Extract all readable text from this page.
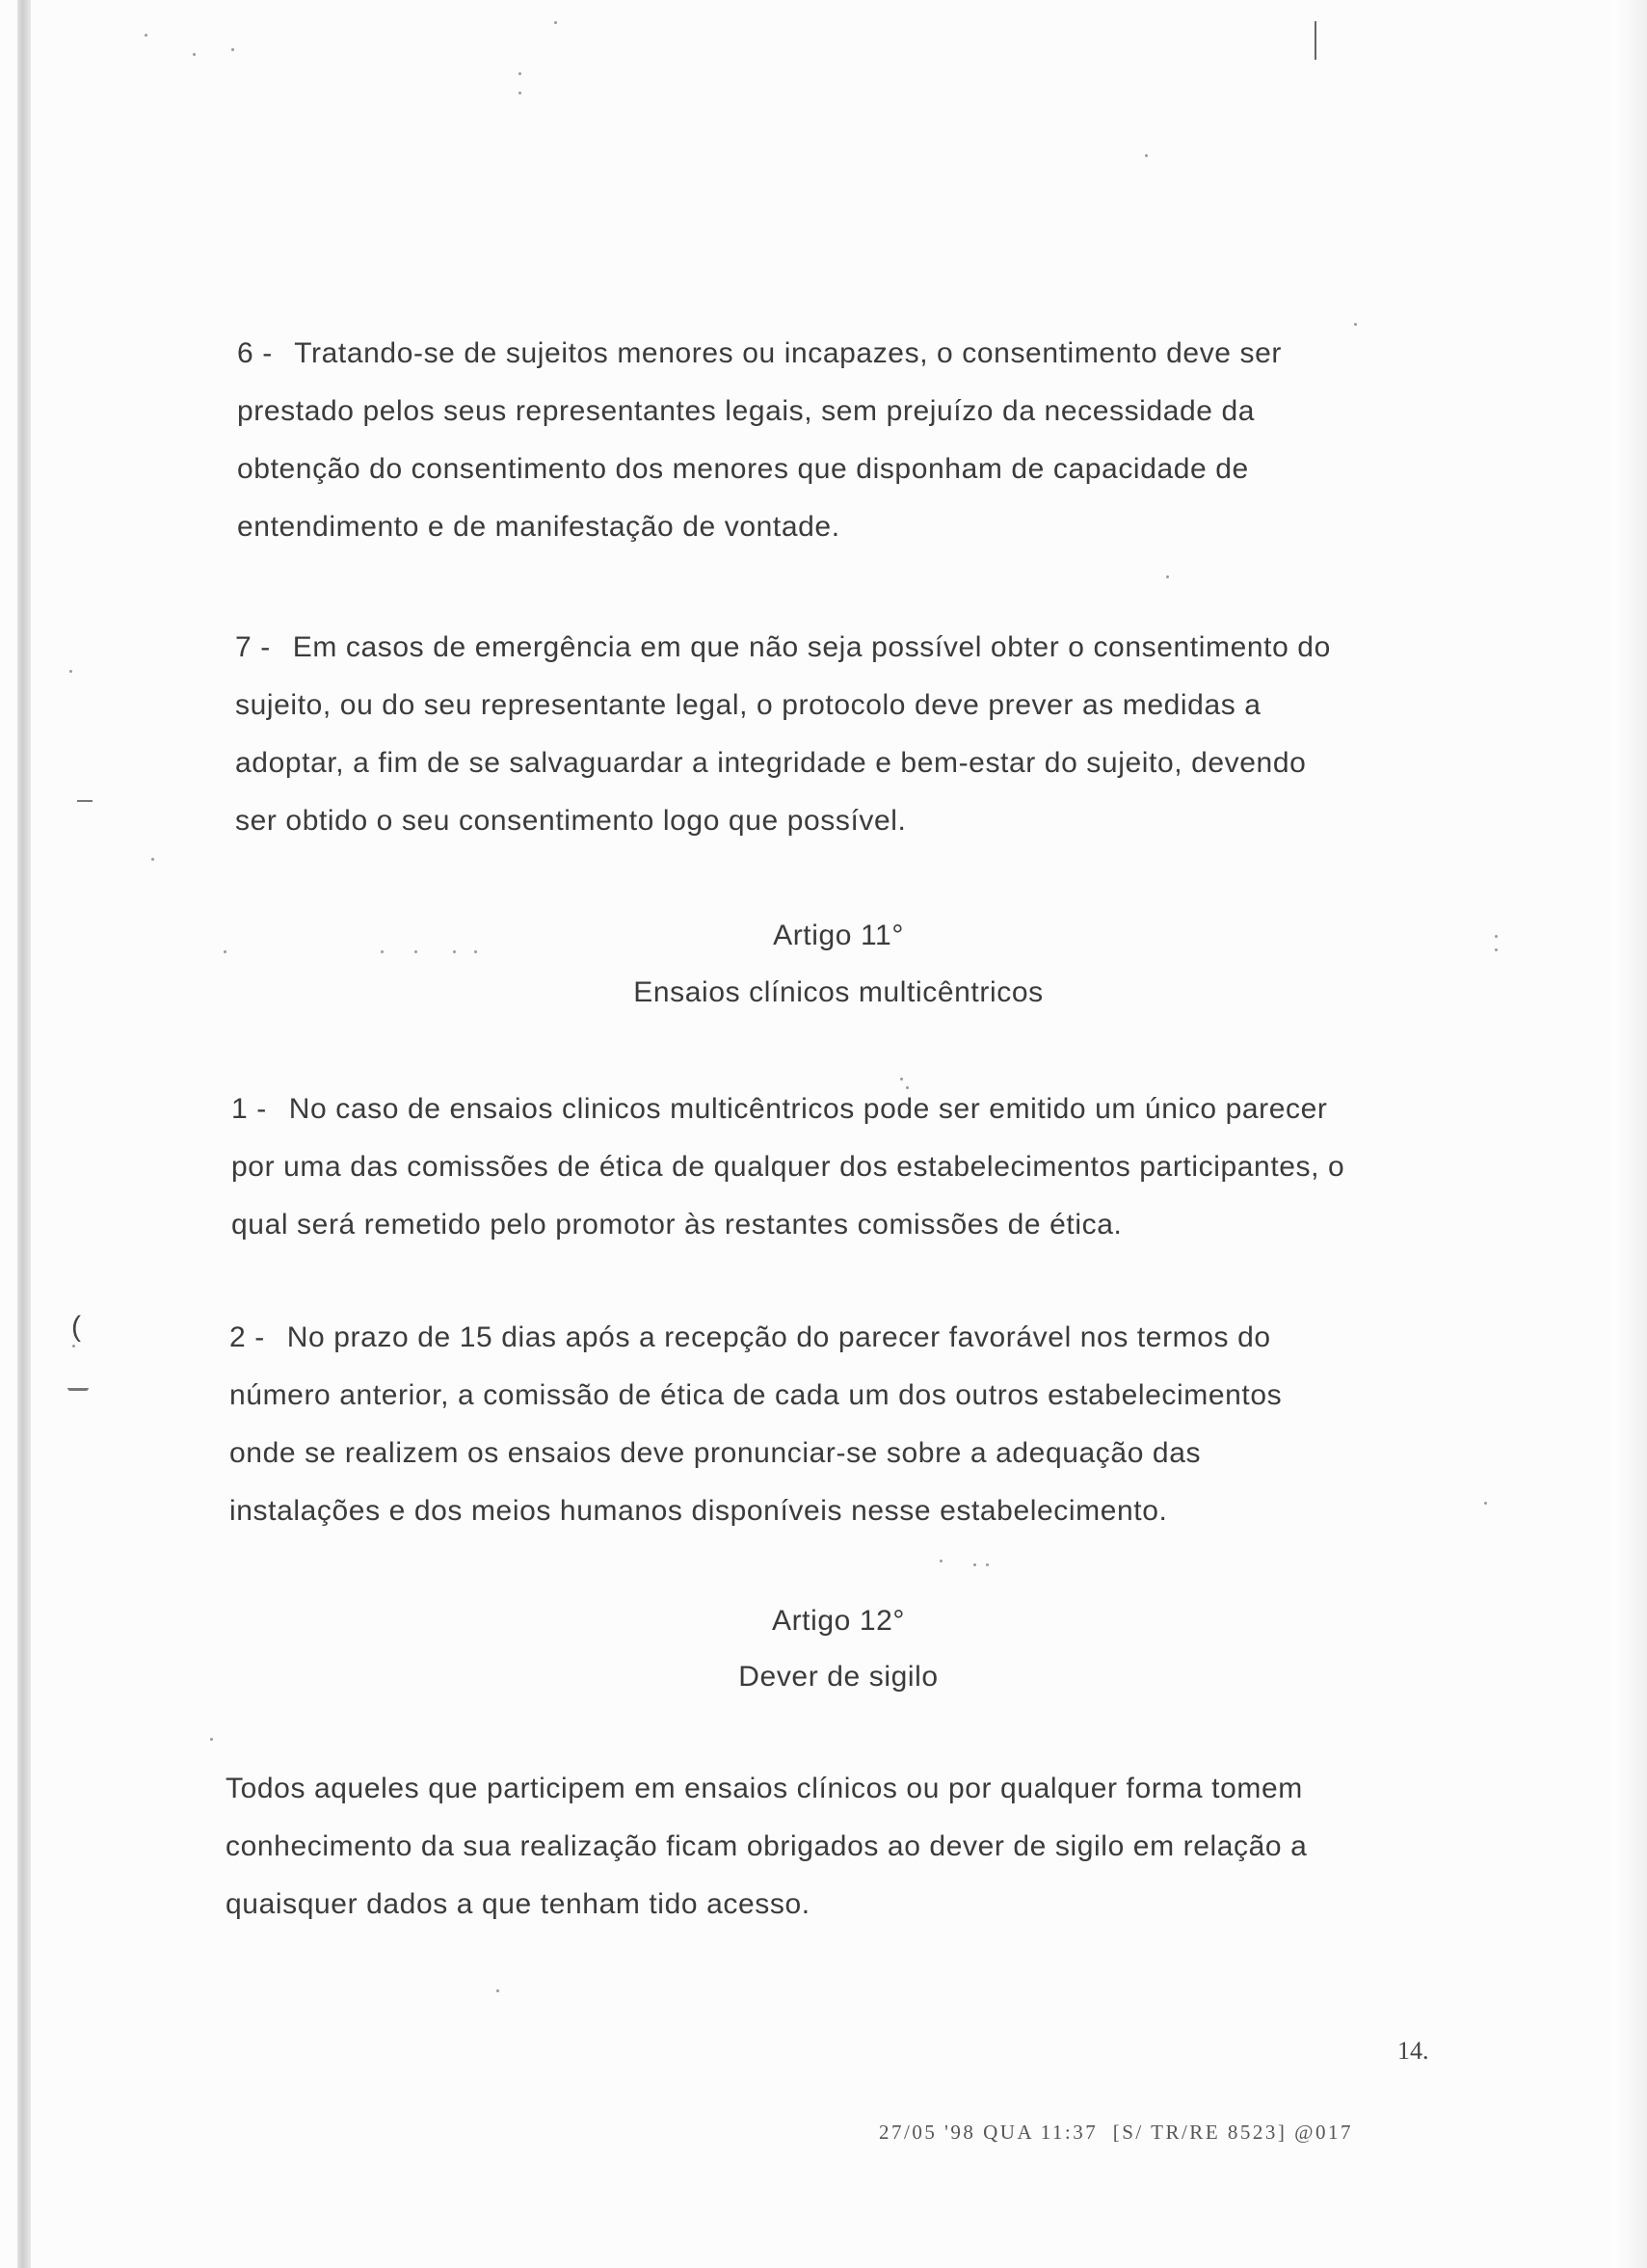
6 - Tratando-se de sujeitos menores ou incapazes, o consentimento deve ser
prestado pelos seus representantes legais, sem prejuízo da necessidade da
obtenção do consentimento dos menores que disponham de capacidade de
entendimento e de manifestação de vontade.
7 - Em casos de emergência em que não seja possível obter o consentimento do
sujeito, ou do seu representante legal, o protocolo deve prever as medidas a
adoptar, a fim de se salvaguardar a integridade e bem-estar do sujeito, devendo
ser obtido o seu consentimento logo que possível.
Artigo 11°
Ensaios clínicos multicêntricos
1 - No caso de ensaios clinicos multicêntricos pode ser emitido um único parecer
por uma das comissões de ética de qualquer dos estabelecimentos participantes, o
qual será remetido pelo promotor às restantes comissões de ética.
2 - No prazo de 15 dias após a recepção do parecer favorável nos termos do
número anterior, a comissão de ética de cada um dos outros estabelecimentos
onde se realizem os ensaios deve pronunciar-se sobre a adequação das
instalações e dos meios humanos disponíveis nesse estabelecimento.
Artigo 12°
Dever de sigilo
Todos aqueles que participem em ensaios clínicos ou por qualquer forma tomem
conhecimento da sua realização ficam obrigados ao dever de sigilo em relação a
quaisquer dados a que tenham tido acesso.
14.
27/05 '98 QUA 11:37  [S/ TR/RE 8523] @017
(
